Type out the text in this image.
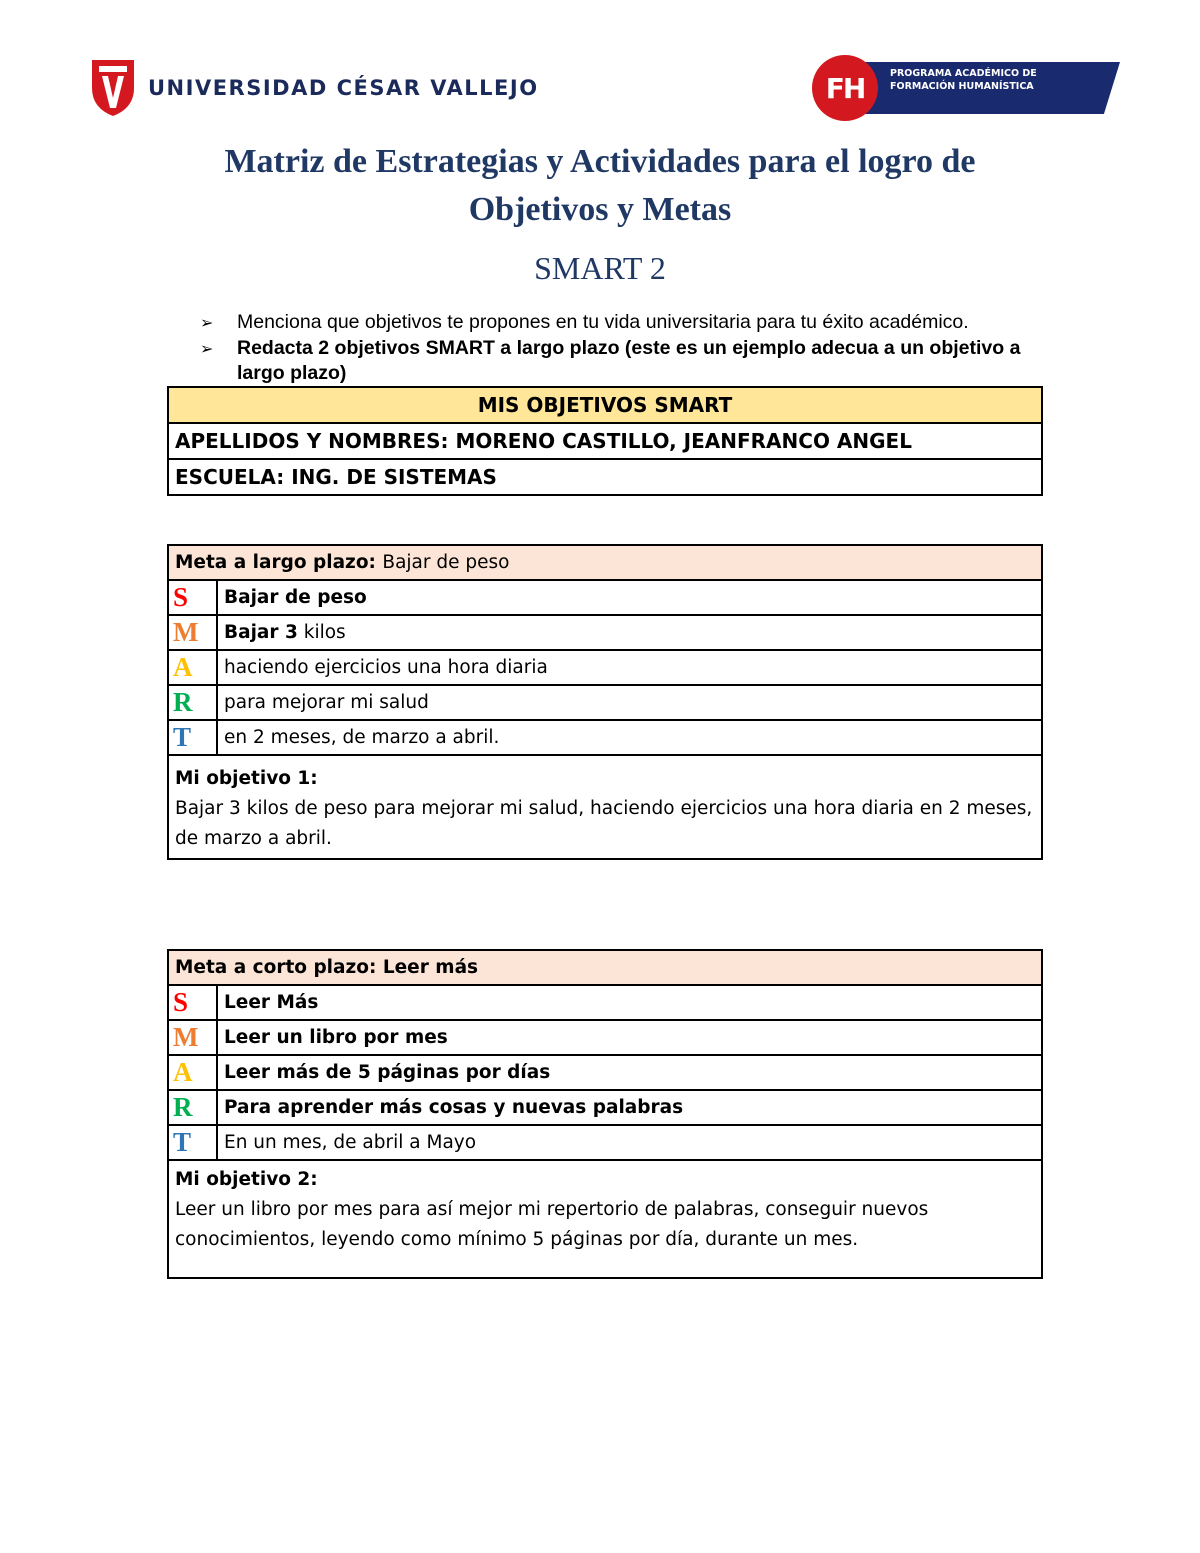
UNIVERSIDAD CÉSAR VALLEJO	FH	PROGRAMA ACADÉMICO DE
FORMACIÓN HUMANÍSTICA
Matriz de Estrategias y Actividades para el logro de
Objetivos y Metas
SMART 2
➢ Menciona que objetivos te propones en tu vida universitaria para tu éxito académico.
➢ Redacta 2 objetivos SMART a largo plazo (este es un ejemplo adecua a un objetivo a largo plazo)
MIS OBJETIVOS SMART
APELLIDOS Y NOMBRES: MORENO CASTILLO, JEANFRANCO ANGEL
ESCUELA: ING. DE SISTEMAS
Meta a largo plazo: Bajar de peso	
S	Bajar de peso
M	Bajar 3 kilos
A	haciendo ejercicios una hora diaria
R	para mejorar mi salud
T	en 2 meses, de marzo a abril.

Mi objetivo 1:
Bajar 3 kilos de peso para mejorar mi salud, haciendo ejercicios una hora diaria en 2 meses, de marzo a abril.	
Meta a corto plazo: Leer más	
S	Leer Más
M	Leer un libro por mes
A	Leer más de 5 páginas por días
R	Para aprender más cosas y nuevas palabras
T	En un mes, de abril a Mayo

Mi objetivo 2:
Leer un libro por mes para así mejor mi repertorio de palabras, conseguir nuevos conocimientos, leyendo como mínimo 5 páginas por día, durante un mes.	
